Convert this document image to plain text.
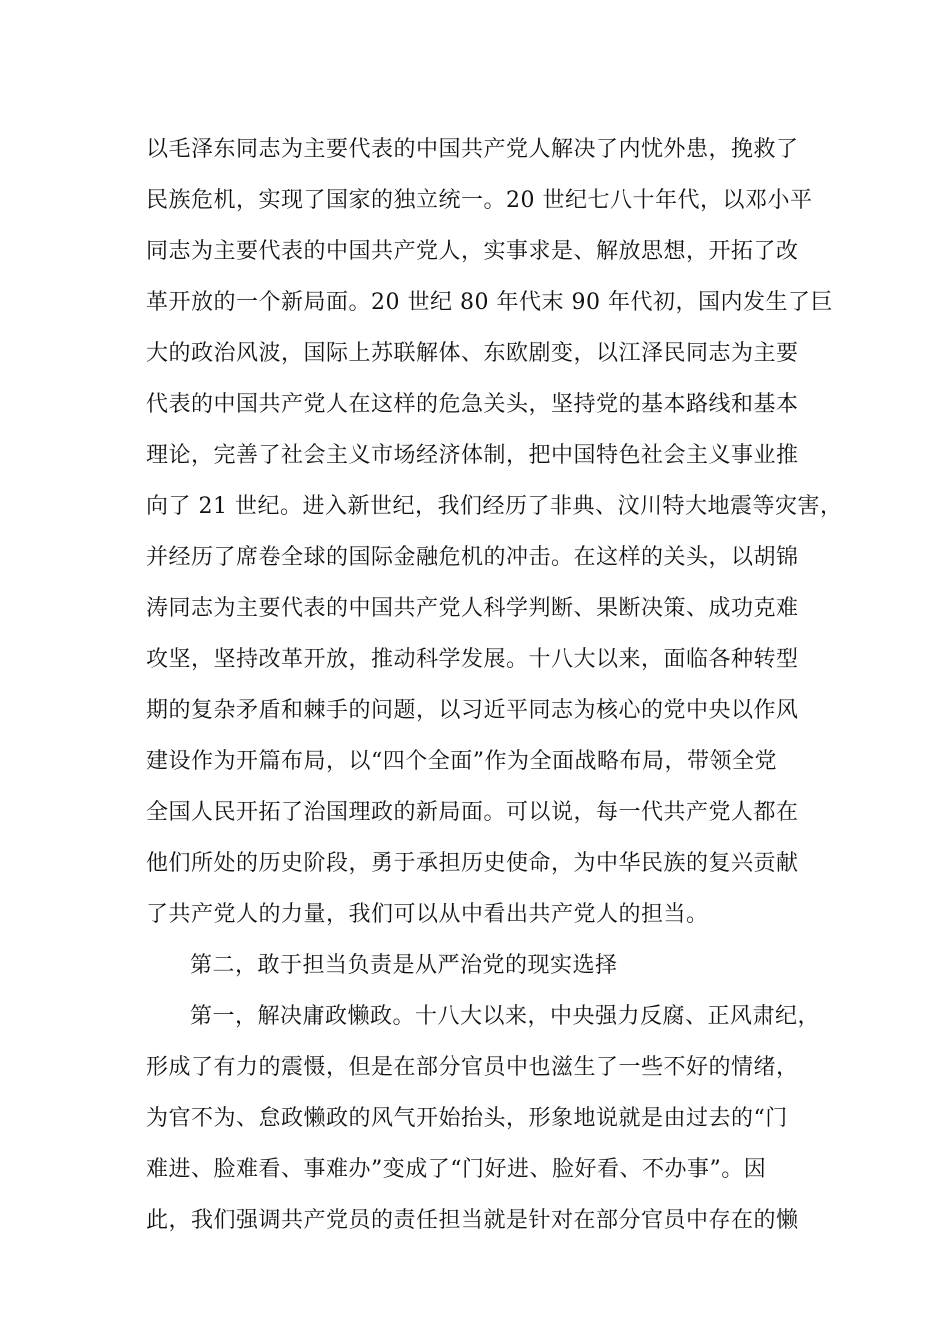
以毛泽东同志为主要代表的中国共产党人解决了内忧外患，挽救了
民族危机，实现了国家的独立统一。20 世纪七八十年代，以邓小平
同志为主要代表的中国共产党人，实事求是、解放思想，开拓了改
革开放的一个新局面。20 世纪 80 年代末 90 年代初，国内发生了巨
大的政治风波，国际上苏联解体、东欧剧变，以江泽民同志为主要
代表的中国共产党人在这样的危急关头，坚持党的基本路线和基本
理论，完善了社会主义市场经济体制，把中国特色社会主义事业推
向了 21 世纪。进入新世纪，我们经历了非典、汶川特大地震等灾害，
并经历了席卷全球的国际金融危机的冲击。在这样的关头，以胡锦
涛同志为主要代表的中国共产党人科学判断、果断决策、成功克难
攻坚，坚持改革开放，推动科学发展。十八大以来，面临各种转型
期的复杂矛盾和棘手的问题，以习近平同志为核心的党中央以作风
建设作为开篇布局，以“四个全面”作为全面战略布局，带领全党
全国人民开拓了治国理政的新局面。可以说，每一代共产党人都在
他们所处的历史阶段，勇于承担历史使命，为中华民族的复兴贡献
了共产党人的力量，我们可以从中看出共产党人的担当。
第二，敢于担当负责是从严治党的现实选择
第一，解决庸政懒政。十八大以来，中央强力反腐、正风肃纪，
形成了有力的震慑，但是在部分官员中也滋生了一些不好的情绪，
为官不为、怠政懒政的风气开始抬头，形象地说就是由过去的“门
难进、脸难看、事难办”变成了“门好进、脸好看、不办事”。因
此，我们强调共产党员的责任担当就是针对在部分官员中存在的懒
